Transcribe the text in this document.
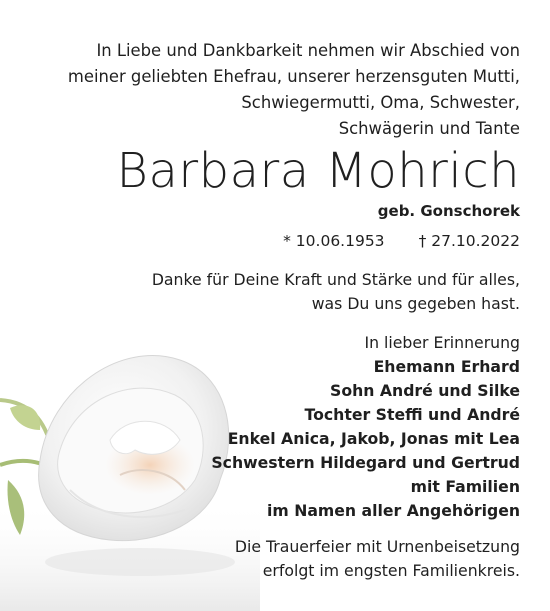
In Liebe und Dankbarkeit nehmen wir Abschied von
meiner geliebten Ehefrau, unserer herzensguten Mutti,
Schwiegermutti, Oma, Schwester,
Schwägerin und Tante
Barbara Mohrich
geb. Gonschorek
* 10.06.1953 † 27.10.2022
Danke für Deine Kraft und Stärke und für alles,
was Du uns gegeben hast.
In lieber Erinnerung
Ehemann Erhard
Sohn André und Silke
Tochter Steffi und André
Enkel Anica, Jakob, Jonas mit Lea
Schwestern Hildegard und Gertrud
mit Familien
im Namen aller Angehörigen
Die Trauerfeier mit Urnenbeisetzung
erfolgt im engsten Familienkreis.
